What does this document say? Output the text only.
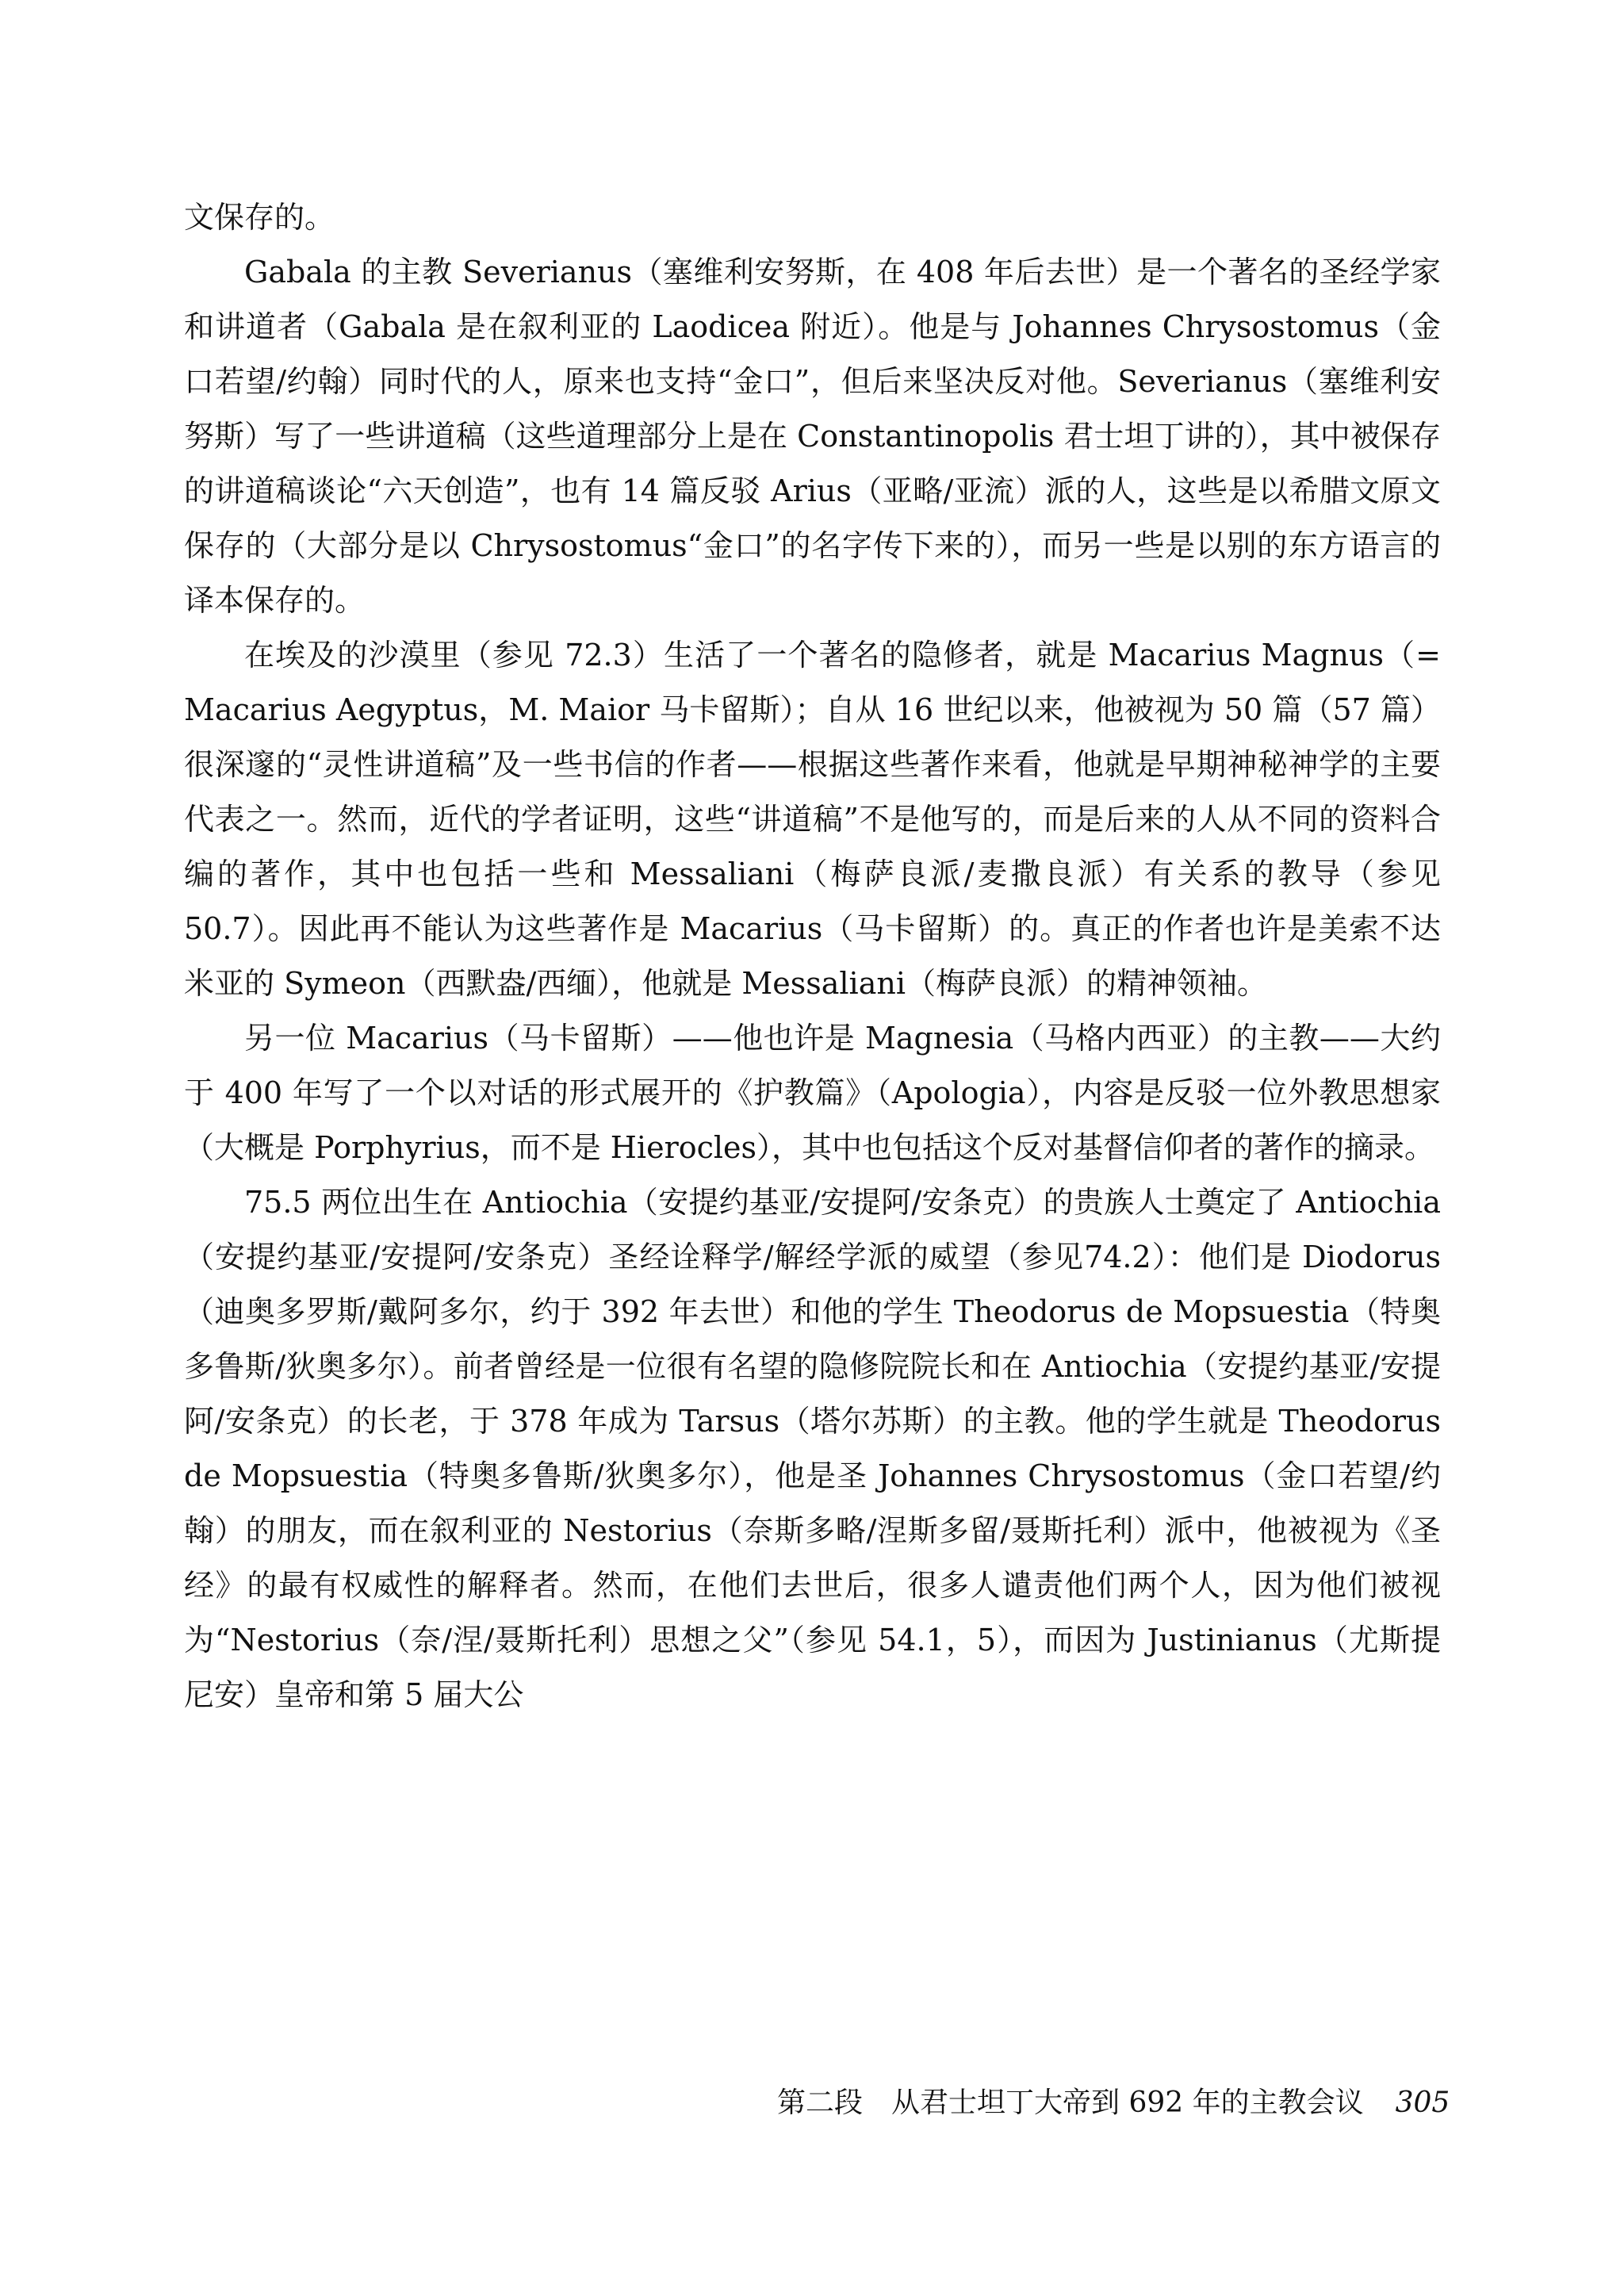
文保存的。

Gabala 的主教 Severianus（塞维利安努斯，在 408 年后去世）是一个著名的圣经学家和讲道者（Gabala 是在叙利亚的 Laodicea 附近）。他是与 Johannes Chrysostomus（金口若望/约翰）同时代的人，原来也支持“金口”，但后来坚决反对他。Severianus（塞维利安努斯）写了一些讲道稿（这些道理部分上是在 Constantinopolis 君士坦丁讲的），其中被保存的讲道稿谈论“六天创造”，也有 14 篇反驳 Arius（亚略/亚流）派的人，这些是以希腊文原文保存的（大部分是以 Chrysostomus“金口”的名字传下来的），而另一些是以别的东方语言的译本保存的。

在埃及的沙漠里（参见 72.3）生活了一个著名的隐修者，就是 Macarius Magnus（= Macarius Aegyptus，M. Maior 马卡留斯）；自从 16 世纪以来，他被视为 50 篇（57 篇）很深邃的“灵性讲道稿”及一些书信的作者——根据这些著作来看，他就是早期神秘神学的主要代表之一。然而，近代的学者证明，这些“讲道稿”不是他写的，而是后来的人从不同的资料合编的著作，其中也包括一些和 Messaliani（梅萨良派/麦撒良派）有关系的教导（参见 50.7）。因此再不能认为这些著作是 Macarius（马卡留斯）的。真正的作者也许是美索不达米亚的 Symeon（西默盎/西缅），他就是 Messaliani（梅萨良派）的精神领袖。

另一位 Macarius（马卡留斯）——他也许是 Magnesia（马格内西亚）的主教——大约于 400 年写了一个以对话的形式展开的《护教篇》（Apologia），内容是反驳一位外教思想家（大概是 Porphyrius，而不是 Hierocles），其中也包括这个反对基督信仰者的著作的摘录。

75.5 两位出生在 Antiochia（安提约基亚/安提阿/安条克）的贵族人士奠定了 Antiochia（安提约基亚/安提阿/安条克）圣经诠释学/解经学派的威望（参见74.2）：他们是 Diodorus（迪奥多罗斯/戴阿多尔，约于 392 年去世）和他的学生 Theodorus de Mopsuestia（特奥多鲁斯/狄奥多尔）。前者曾经是一位很有名望的隐修院院长和在 Antiochia（安提约基亚/安提阿/安条克）的长老，于 378 年成为 Tarsus（塔尔苏斯）的主教。他的学生就是 Theodorus de Mopsuestia（特奥多鲁斯/狄奥多尔），他是圣 Johannes Chrysostomus（金口若望/约翰）的朋友，而在叙利亚的 Nestorius（奈斯多略/涅斯多留/聂斯托利）派中，他被视为《圣经》的最有权威性的解释者。然而，在他们去世后，很多人谴责他们两个人，因为他们被视为“Nestorius（奈/涅/聂斯托利）思想之父”（参见 54.1，5），而因为 Justinianus（尤斯提尼安）皇帝和第 5 届大公

第二段　从君士坦丁大帝到 692 年的主教会议 305
